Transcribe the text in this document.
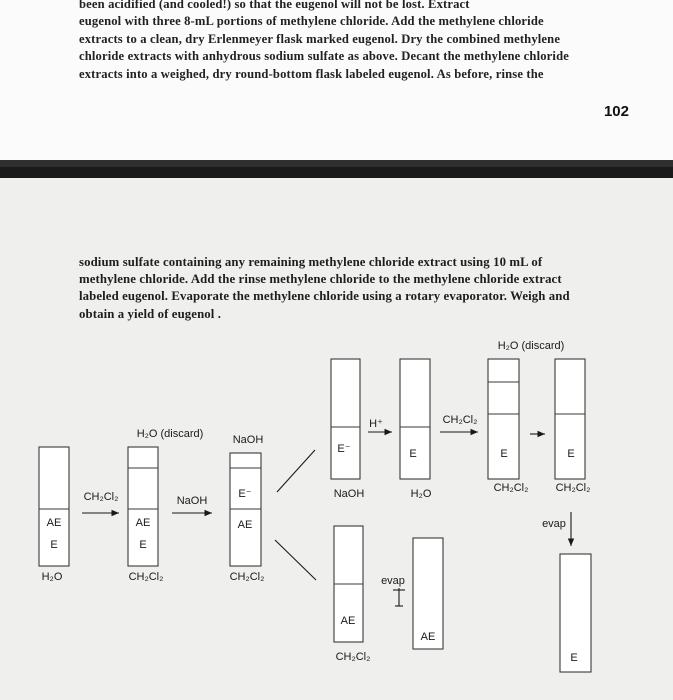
been acidified (and cooled!) so that the eugenol will not be lost. Extract

eugenol with three 8-mL portions of methylene chloride. Add the methylene chloride

extracts to a clean, dry Erlenmeyer flask marked eugenol. Dry the combined methylene

chloride extracts with anhydrous sodium sulfate as above. Decant the methylene chloride

extracts into a weighed, dry round-bottom flask labeled eugenol. As before, rinse the

102

sodium sulfate containing any remaining methylene chloride extract using 10 mL of

methylene chloride. Add the rinse methylene chloride to the methylene chloride extract

labeled eugenol. Evaporate the methylene chloride using a rotary evaporator. Weigh and

obtain a yield of eugenol .

AE
E
H₂O
CH₂Cl₂
H₂O (discard)
AE
E
CH₂Cl₂
NaOH
NaOH
E⁻
AE
CH₂Cl₂
E⁻
NaOH
H⁺
E
H₂O
CH₂Cl₂
H₂O (discard)
E
CH₂Cl₂
E
CH₂Cl₂
evap
AE
CH₂Cl₂
evap
AE
E
